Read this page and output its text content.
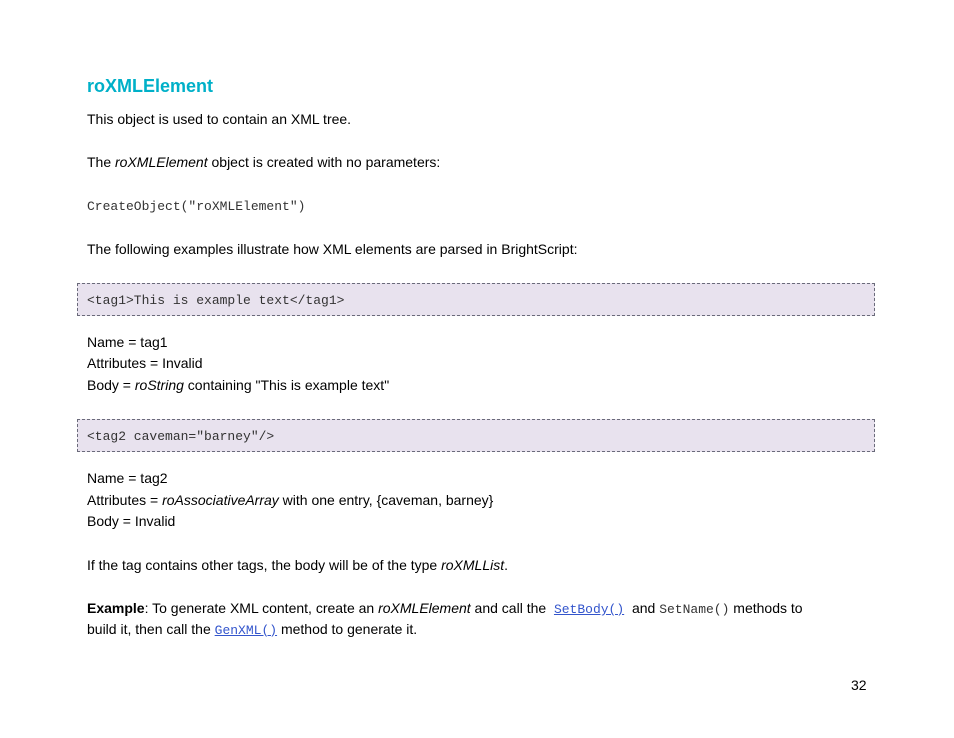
roXMLElement
This object is used to contain an XML tree.
The roXMLElement object is created with no parameters:
CreateObject("roXMLElement")
The following examples illustrate how XML elements are parsed in BrightScript:
<tag1>This is example text</tag1>
Name = tag1
Attributes = Invalid
Body = roString containing "This is example text"
<tag2 caveman="barney"/>
Name = tag2
Attributes = roAssociativeArray with one entry, {caveman, barney}
Body = Invalid
If the tag contains other tags, the body will be of the type roXMLList.
Example: To generate XML content, create an roXMLElement and call the  SetBody()  and SetName() methods to
build it, then call the GenXML() method to generate it.
32
